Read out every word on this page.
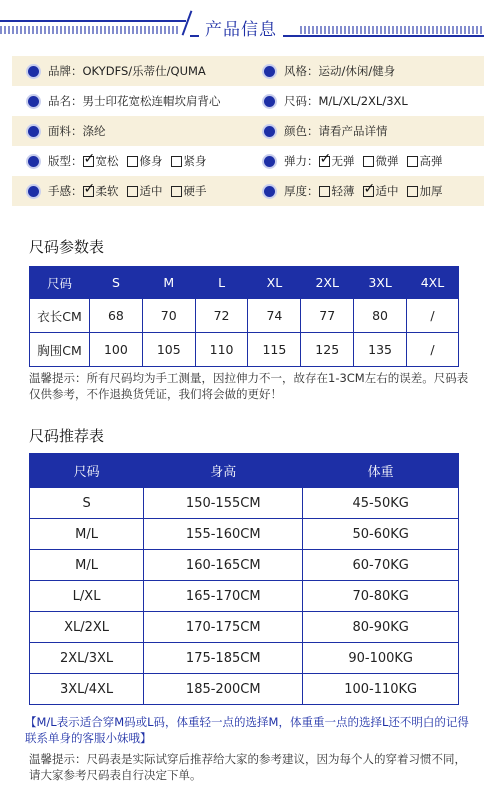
产品信息
品牌： OKYDFS/乐蒂仕/QUMA	风格： 运动/休闲/健身
品名： 男士印花宽松连帽坎肩背心	尺码： M/L/XL/2XL/3XL
面料： 涤纶	颜色： 请看产品详情
版型： ✓ 宽松 修身 紧身	弹力： ✓ 无弹 微弹 高弹
手感： ✓ 柔软 适中 硬手	厚度： 轻薄 ✓ 适中 加厚
尺码参数表
尺码	S	M	L	XL	2XL	3XL	4XL
衣长CM	68	70	72	74	77	80	/
胸围CM	100	105	110	115	125	135	/
温馨提示：所有尺码均为手工测量，因拉伸力不一，故存在1-3CM左右的误差。尺码表仅供参考，不作退换货凭证，我们将会做的更好！
尺码推荐表
尺码	身高	体重
S	150-155CM	45-50KG
M/L	155-160CM	50-60KG
M/L	160-165CM	60-70KG
L/XL	165-170CM	70-80KG
XL/2XL	170-175CM	80-90KG
2XL/3XL	175-185CM	90-100KG
3XL/4XL	185-200CM	100-110KG
【M/L表示适合穿M码或L码，体重轻一点的选择M，体重重一点的选择L还不明白的记得联系单身的客服小妹哦】
温馨提示：尺码表是实际试穿后推荐给大家的参考建议，因为每个人的穿着习惯不同，请大家参考尺码表自行决定下单。
